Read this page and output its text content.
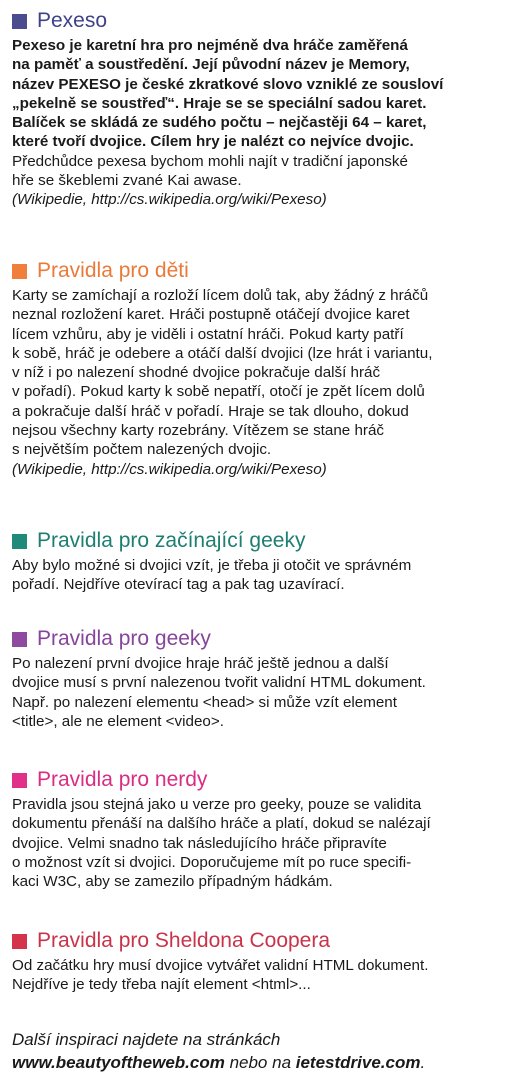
Pexeso
Pexeso je karetní hra pro nejméně dva hráče zaměřená
na paměť a soustředění. Její původní název je Memory,
název PEXESO je české zkratkové slovo vzniklé ze sousloví
„pekelně se soustřeď“. Hraje se se speciální sadou karet.
Balíček se skládá ze sudého počtu – nejčastěji 64 – karet,
které tvoří dvojice. Cílem hry je nalézt co nejvíce dvojic.
Předchůdce pexesa bychom mohli najít v tradiční japonské
hře se škeblemi zvané Kai awase.
(Wikipedie, http://cs.wikipedia.org/wiki/Pexeso)
Pravidla pro děti
Karty se zamíchají a rozloží lícem dolů tak, aby žádný z hráčů
neznal rozložení karet. Hráči postupně otáčejí dvojice karet
lícem vzhůru, aby je viděli i ostatní hráči. Pokud karty patří
k sobě, hráč je odebere a otáčí další dvojici (lze hrát i variantu,
v níž i po nalezení shodné dvojice pokračuje další hráč
v pořadí). Pokud karty k sobě nepatří, otočí je zpět lícem dolů
a pokračuje další hráč v pořadí. Hraje se tak dlouho, dokud
nejsou všechny karty rozebrány. Vítězem se stane hráč
s největším počtem nalezených dvojic.
(Wikipedie, http://cs.wikipedia.org/wiki/Pexeso)
Pravidla pro začínající geeky
Aby bylo možné si dvojici vzít, je třeba ji otočit ve správném
pořadí. Nejdříve otevírací tag a pak tag uzavírací.
Pravidla pro geeky
Po nalezení první dvojice hraje hráč ještě jednou a další
dvojice musí s první nalezenou tvořit validní HTML dokument.
Např. po nalezení elementu <head> si může vzít element
<title>, ale ne element <video>.
Pravidla pro nerdy
Pravidla jsou stejná jako u verze pro geeky, pouze se validita
dokumentu přenáší na dalšího hráče a platí, dokud se nalézají
dvojice. Velmi snadno tak následujícího hráče připravíte
o možnost vzít si dvojici. Doporučujeme mít po ruce specifi-
kaci W3C, aby se zamezilo případným hádkám.
Pravidla pro Sheldona Coopera
Od začátku hry musí dvojice vytvářet validní HTML dokument.
Nejdříve je tedy třeba najít element <html>...
Další inspiraci najdete na stránkách
www.beautyoftheweb.com nebo na ietestdrive.com.
